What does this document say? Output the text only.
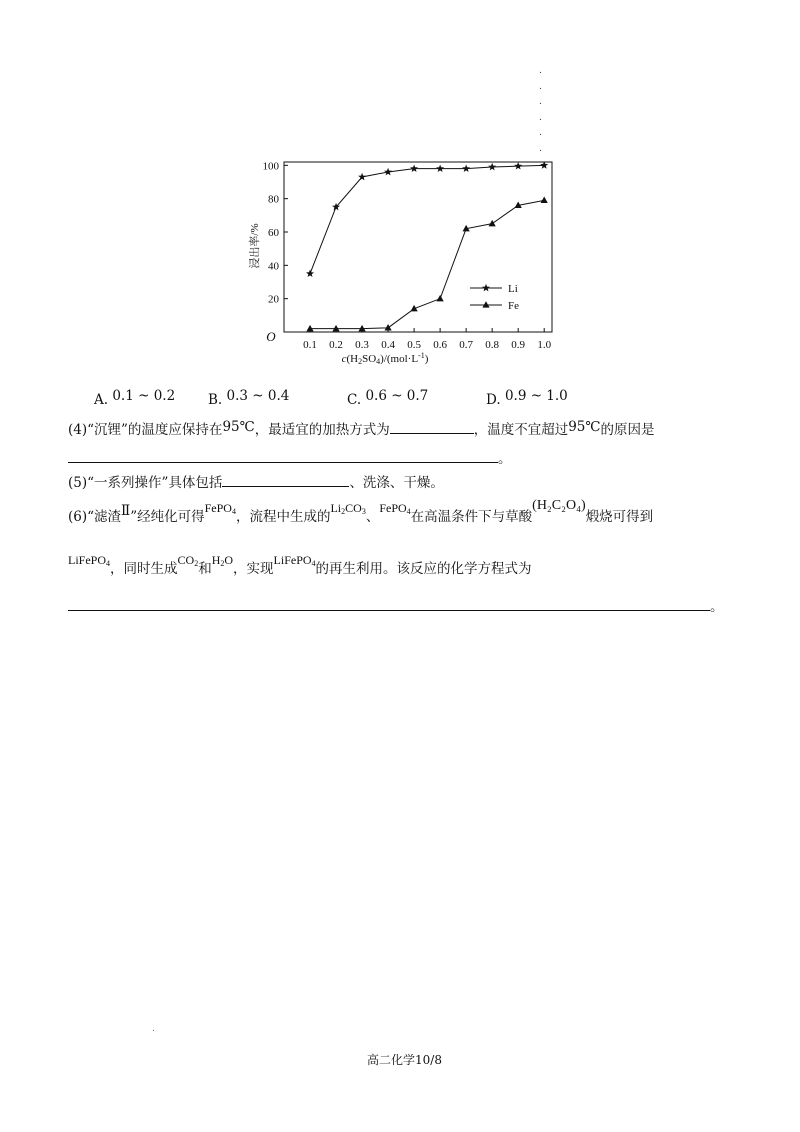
.
.
.
.
.
.
0.1 0.2 0.3 0.4 0.5 0.6 0.7 0.8 0.9 1.0
20
40
60
80
100
Li
Fe
浸出率/%
O
$c(H2SO4)/(mol\cdot L^{-1})$
A. 0.1 ~ 0.2 B. 0.3 ~ 0.4	C. 0.6 ~ 0.7	D. 0.9 ~ 1.0
(4)“沉锂”的温度应保持在95℃，最适宜的加热方式为	，温度不宜超过95℃的原因是
。
(5)“一系列操作”具体包括	、洗涤、干燥。
(6)“滤渣Ⅱ”经纯化可得FePO$_4$，流程中生成的$Li_2CO_3$、FePO$_4$在高温条件下与草酸(H₂C₂O₄)煅烧可得到
LiFePO$_4$，同时生成$CO_2$和$H_2O$，实现LiFePO$_4$的再生利用。该反应的化学方程式为
。
.
高二化学10/8
